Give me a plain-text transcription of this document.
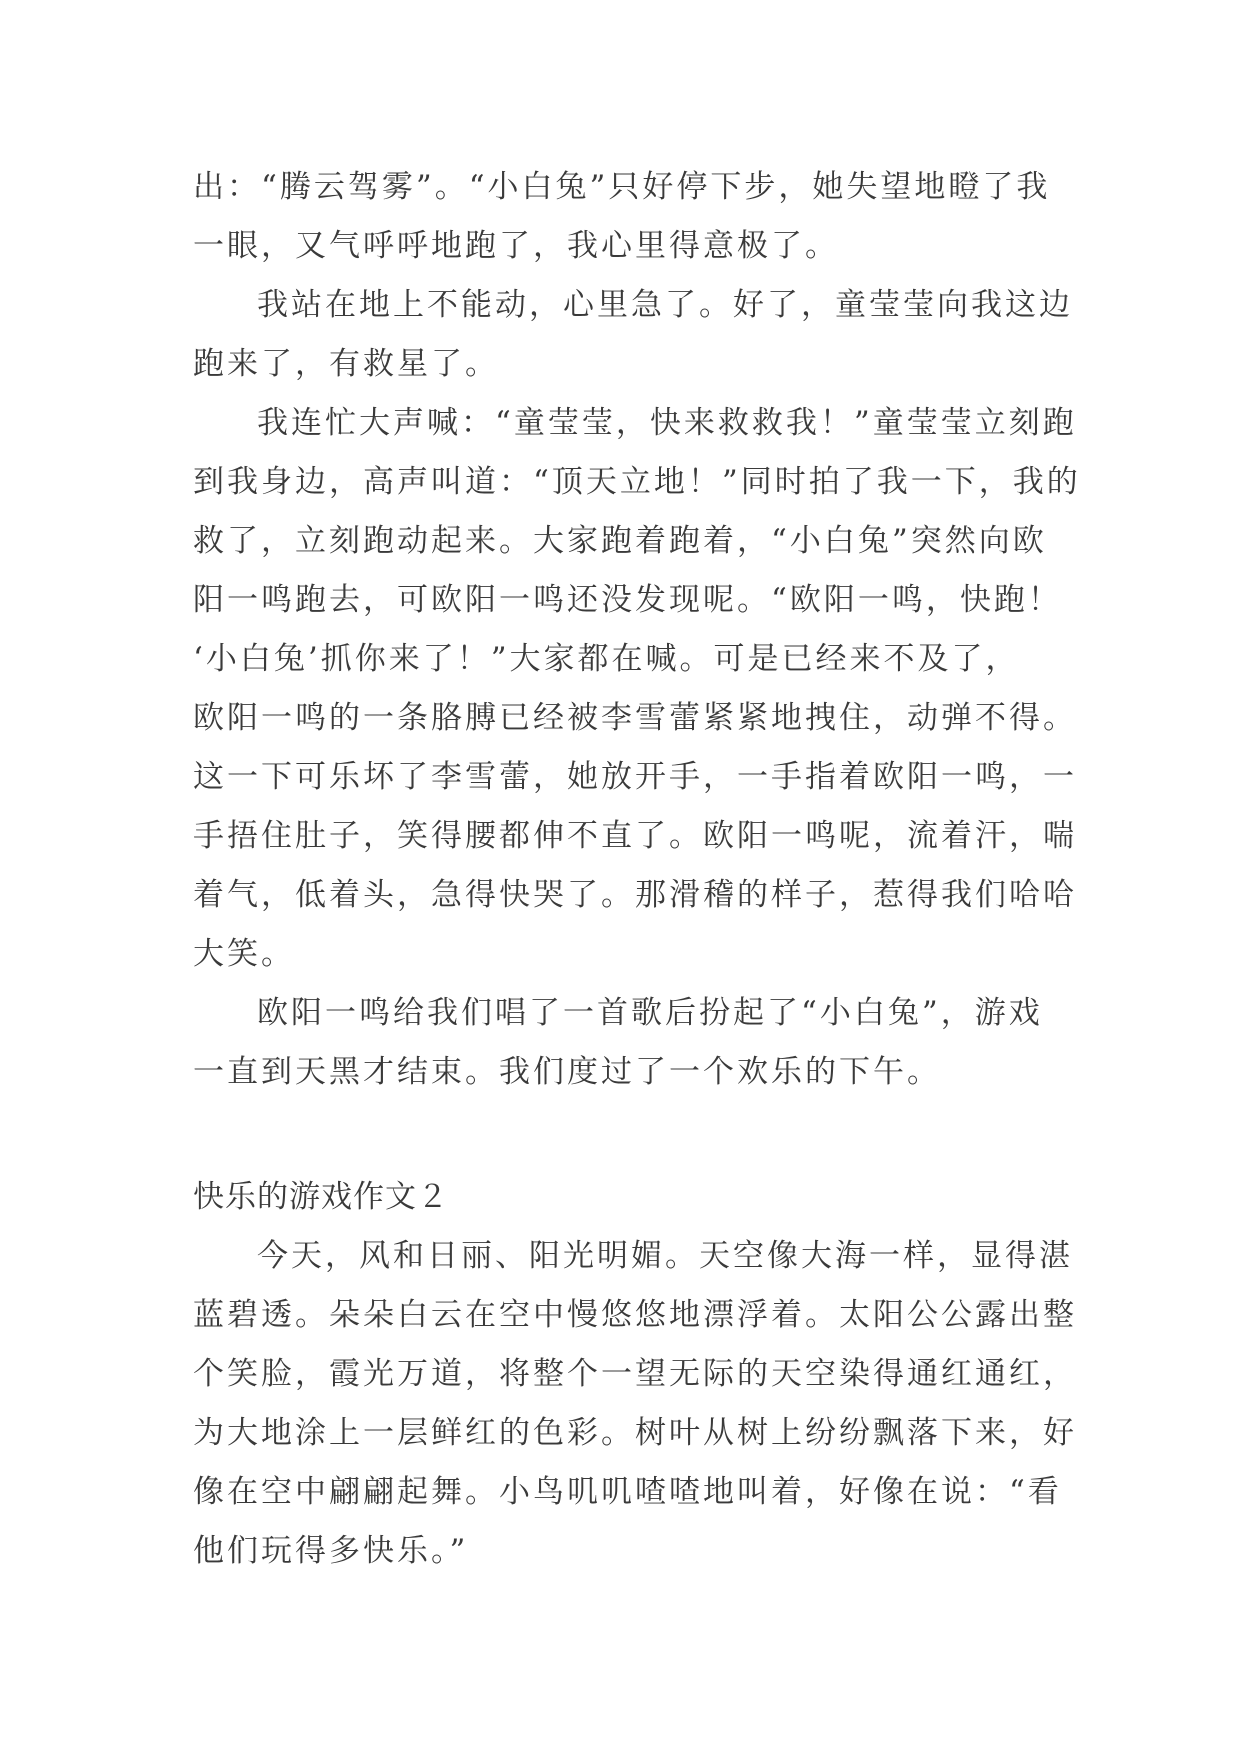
出：“腾云驾雾”。“小白兔”只好停下步，她失望地瞪了我
一眼，又气呼呼地跑了，我心里得意极了。
我站在地上不能动，心里急了。好了，童莹莹向我这边
跑来了，有救星了。
我连忙大声喊：“童莹莹，快来救救我！”童莹莹立刻跑
到我身边，高声叫道：“顶天立地！”同时拍了我一下，我的
救了，立刻跑动起来。大家跑着跑着，“小白兔”突然向欧
阳一鸣跑去，可欧阳一鸣还没发现呢。“欧阳一鸣，快跑！
‘小白兔’抓你来了！”大家都在喊。可是已经来不及了，
欧阳一鸣的一条胳膊已经被李雪蕾紧紧地拽住，动弹不得。
这一下可乐坏了李雪蕾，她放开手，一手指着欧阳一鸣，一
手捂住肚子，笑得腰都伸不直了。欧阳一鸣呢，流着汗，喘
着气，低着头，急得快哭了。那滑稽的样子，惹得我们哈哈
大笑。
欧阳一鸣给我们唱了一首歌后扮起了“小白兔”，游戏
一直到天黑才结束。我们度过了一个欢乐的下午。
快乐的游戏作文２
今天，风和日丽、阳光明媚。天空像大海一样，显得湛
蓝碧透。朵朵白云在空中慢悠悠地漂浮着。太阳公公露出整
个笑脸，霞光万道，将整个一望无际的天空染得通红通红，
为大地涂上一层鲜红的色彩。树叶从树上纷纷飘落下来，好
像在空中翩翩起舞。小鸟叽叽喳喳地叫着，好像在说：“看
他们玩得多快乐。”
